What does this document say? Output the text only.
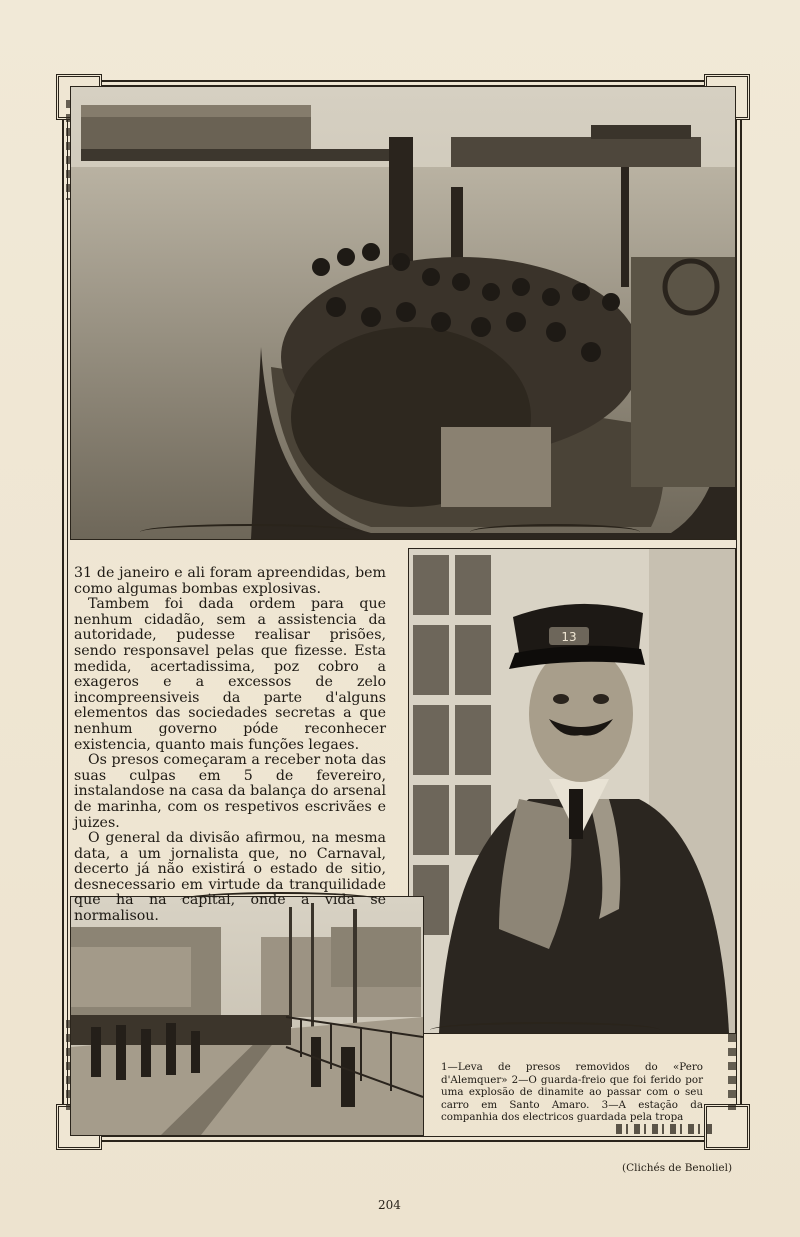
13

31 de janeiro e ali foram apreendidas, bem como algumas bombas explosivas.

Tambem foi dada ordem para que nenhum cidadão, sem a assistencia da autoridade, pudesse realisar prisões, sendo responsavel pelas que fizesse. Esta medida, acertadissima, poz cobro a exageros e a excessos de zelo incompreensiveis da parte d'alguns elementos das sociedades secretas a que nenhum governo póde reconhecer existencia, quanto mais funções legaes.

Os presos começaram a receber nota das suas culpas em 5 de fevereiro, instalandose na casa da balança do arsenal de marinha, com os respetivos escrivães e juizes.

O general da divisão afirmou, na mesma data, a um jornalista que, no Carnaval, decerto já não existirá o estado de sitio, desnecessario em virtude da tranquilidade que ha na capital, onde a vida se normalisou.

1—Leva de presos removidos do «Pero d'Alemquer» 2—O guarda-freio que foi ferido por uma explosão de dinamite ao passar com o seu carro em Santo Amaro. 3—A estação da companhia dos electricos guardada pela tropa
(Clichés de Benoliel)
204
